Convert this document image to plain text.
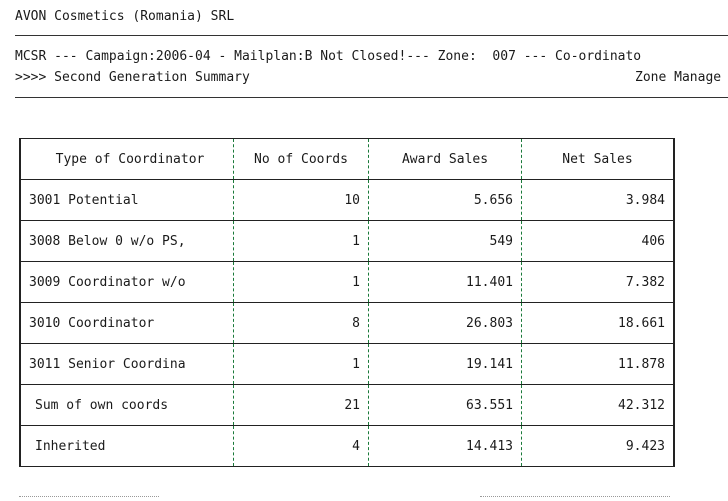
AVON Cosmetics (Romania) SRL
MCSR --- Campaign:2006-04 - Mailplan:B Not Closed!--- Zone:  007 --- Co-ordinato
>>>> Second Generation Summary	Zone Manage
Type of Coordinator	No of Coords	Award Sales	Net Sales
3001 Potential	10	5.656	3.984
3008 Below 0 w/o PS,	1	549	406
3009 Coordinator w/o	1	11.401	7.382
3010 Coordinator	8	26.803	18.661
3011 Senior Coordina	1	19.141	11.878
Sum of own coords	21	63.551	42.312
Inherited	4	14.413	9.423
